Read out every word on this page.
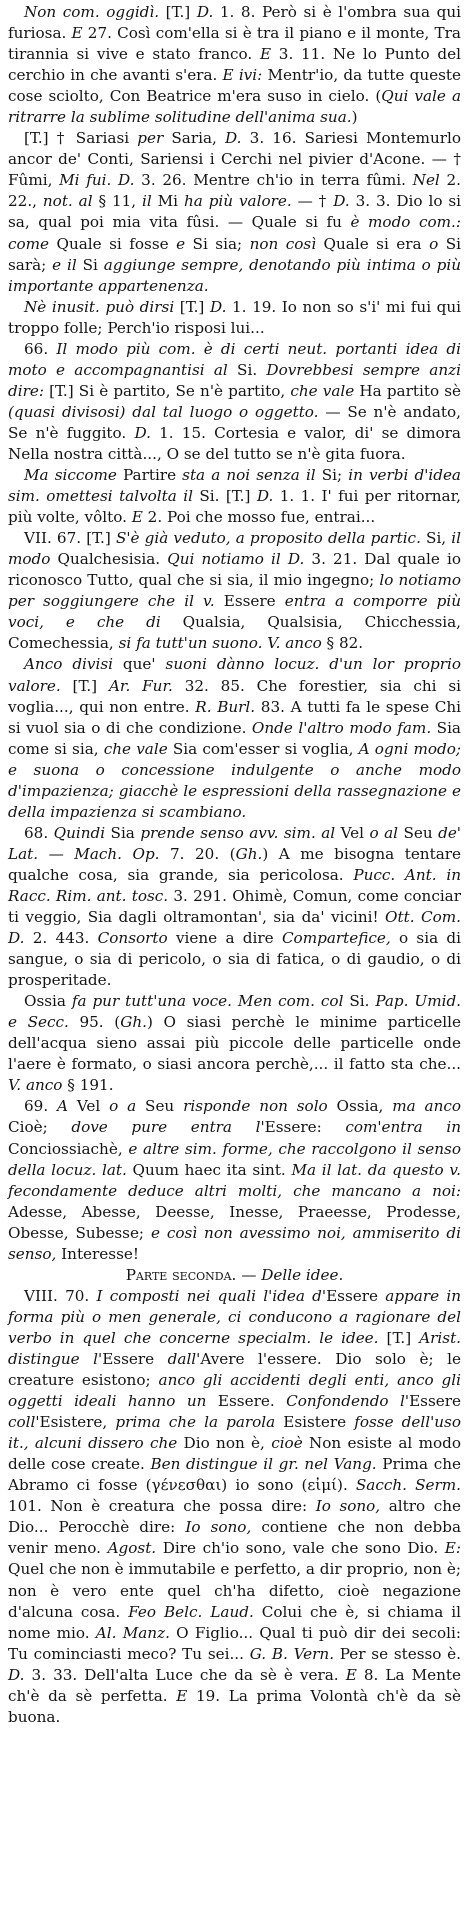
Non com. oggidì. [T.] D. 1. 8. Però si è l'ombra sua qui furiosa. E 27. Così com'ella si è tra il piano e il monte, Tra tirannia si vive e stato franco. E 3. 11. Ne lo Punto del cerchio in che avanti s'era. E ivi: Mentr'io, da tutte queste cose sciolto, Con Beatrice m'era suso in cielo. (Qui vale a ritrarre la sublime solitudine dell'anima sua.)

[T.] † Sariasi per Saria, D. 3. 16. Sariesi Montemurlo ancor de' Conti, Sariensi i Cerchi nel pivier d'Acone. — † Fûmi, Mi fui. D. 3. 26. Mentre ch'io in terra fûmi. Nel 2. 22., not. al § 11, il Mi ha più valore. — † D. 3. 3. Dio lo si sa, qual poi mia vita fûsi. — Quale si fu è modo com.: come Quale si fosse e Si sia; non così Quale si era o Si sarà; e il Si aggiunge sempre, denotando più intima o più importante appartenenza.

Nè inusit. può dirsi [T.] D. 1. 19. Io non so s'i' mi fui qui troppo folle; Perch'io risposi lui...

66. Il modo più com. è di certi neut. portanti idea di moto e accompagnantisi al Si. Dovrebbesi sempre anzi dire: [T.] Si è partito, Se n'è partito, che vale Ha partito sè (quasi divisosi) dal tal luogo o oggetto. — Se n'è andato, Se n'è fuggito. D. 1. 15. Cortesia e valor, di' se dimora Nella nostra città..., O se del tutto se n'è gita fuora.

Ma siccome Partire sta a noi senza il Si; in verbi d'idea sim. omettesi talvolta il Si. [T.] D. 1. 1. I' fui per ritornar, più volte, vôlto. E 2. Poi che mosso fue, entrai...

VII. 67. [T.] S'è già veduto, a proposito della partic. Si, il modo Qualchesisia. Qui notiamo il D. 3. 21. Dal quale io riconosco Tutto, qual che si sia, il mio ingegno; lo notiamo per soggiungere che il v. Essere entra a comporre più voci, e che di Qualsia, Qualsisia, Chicchessia, Comechessia, si fa tutt'un suono. V. anco § 82.

Anco divisi que' suoni dànno locuz. d'un lor proprio valore. [T.] Ar. Fur. 32. 85. Che forestier, sia chi si voglia..., qui non entre. R. Burl. 83. A tutti fa le spese Chi si vuol sia o di che condizione. Onde l'altro modo fam. Sia come si sia, che vale Sia com'esser si voglia, A ogni modo; e suona o concessione indulgente o anche modo d'impazienza; giacchè le espressioni della rassegnazione e della impazienza si scambiano.

68. Quindi Sia prende senso avv. sim. al Vel o al Seu de' Lat. — Mach. Op. 7. 20. (Gh.) A me bisogna tentare qualche cosa, sia grande, sia pericolosa. Pucc. Ant. in Racc. Rim. ant. tosc. 3. 291. Ohimè, Comun, come conciar ti veggio, Sia dagli oltramontan', sia da' vicini! Ott. Com. D. 2. 443. Consorto viene a dire Comparteﬁce, o sia di sangue, o sia di pericolo, o sia di fatica, o di gaudio, o di prosperitade.

Ossia fa pur tutt'una voce. Men com. col Si. Pap. Umid. e Secc. 95. (Gh.) O siasi perchè le minime particelle dell'acqua sieno assai più piccole delle particelle onde l'aere è formato, o siasi ancora perchè,... il fatto sta che... V. anco § 191.

69. A Vel o a Seu risponde non solo Ossia, ma anco Cioè; dove pure entra l'Essere: com'entra in Conciossiachè, e altre sim. forme, che raccolgono il senso della locuz. lat. Quum haec ita sint. Ma il lat. da questo v. fecondamente deduce altri molti, che mancano a noi: Adesse, Abesse, Deesse, Inesse, Praeesse, Prodesse, Obesse, Subesse; e così non avessimo noi, ammiserito di senso, Interesse!

Parte seconda. — Delle idee.

VIII. 70. I composti nei quali l'idea d'Essere appare in forma più o men generale, ci conducono a ragionare del verbo in quel che concerne specialm. le idee. [T.] Arist. distingue l'Essere dall'Avere l'essere. Dio solo è; le creature esistono; anco gli accidenti degli enti, anco gli oggetti ideali hanno un Essere. Confondendo l'Essere coll'Esistere, prima che la parola Esistere fosse dell'uso it., alcuni dissero che Dio non è, cioè Non esiste al modo delle cose create. Ben distingue il gr. nel Vang. Prima che Abramo ci fosse (γένεσθαι) io sono (εἰμί). Sacch. Serm. 101. Non è creatura che possa dire: Io sono, altro che Dio... Perocchè dire: Io sono, contiene che non debba venir meno. Agost. Dire ch'io sono, vale che sono Dio. E: Quel che non è immutabile e perfetto, a dir proprio, non è; non è vero ente quel ch'ha difetto, cioè negazione d'alcuna cosa. Feo Belc. Laud. Colui che è, si chiama il nome mio. Al. Manz. O Figlio... Qual ti può dir dei secoli: Tu cominciasti meco? Tu sei... G. B. Vern. Per se stesso è. D. 3. 33. Dell'alta Luce che da sè è vera. E 8. La Mente ch'è da sè perfetta. E 19. La prima Volontà ch'è da sè buona.
